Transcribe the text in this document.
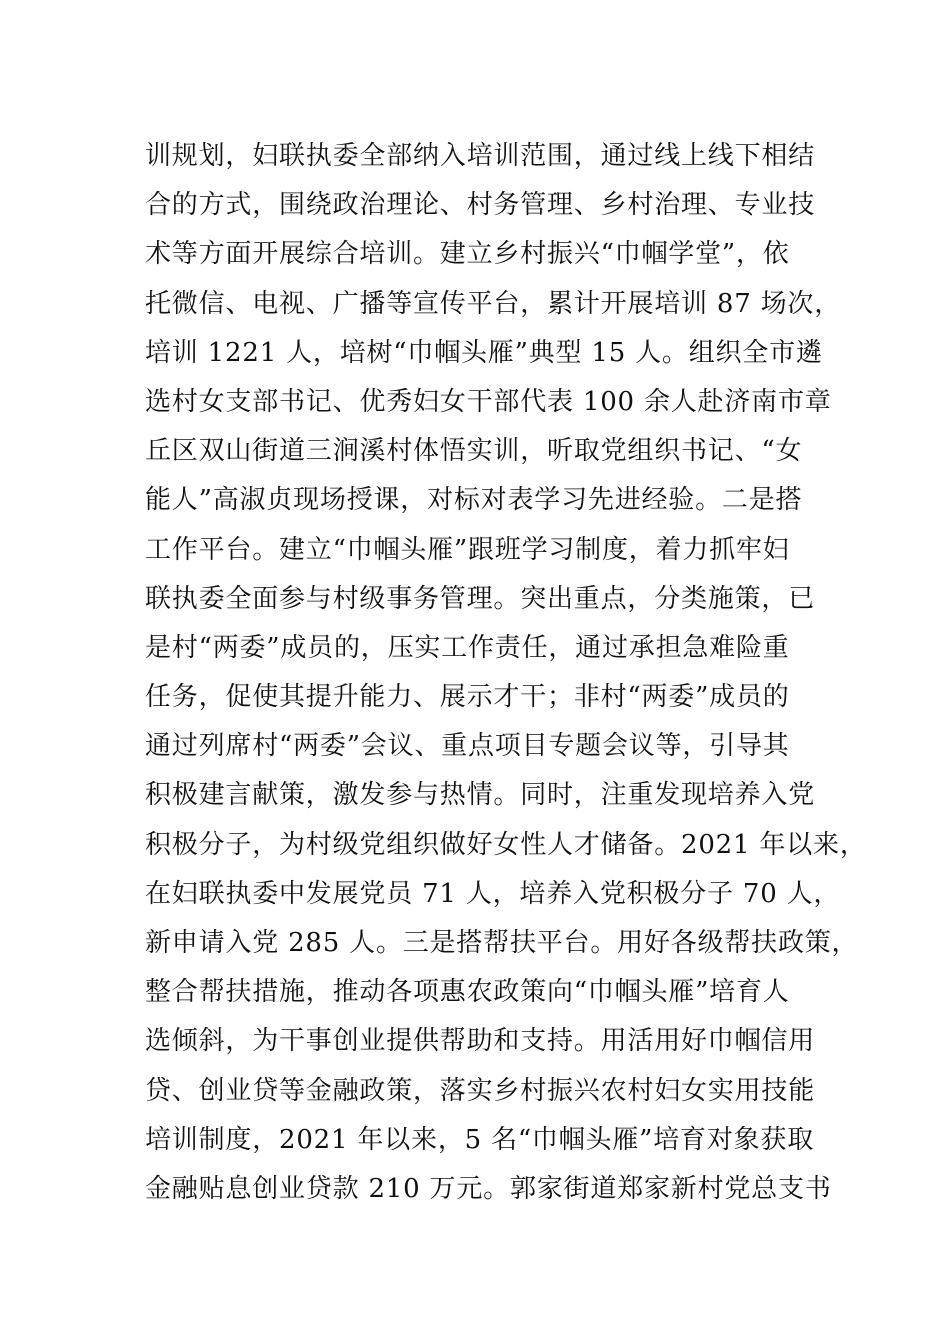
训规划，妇联执委全部纳入培训范围，通过线上线下相结
合的方式，围绕政治理论、村务管理、乡村治理、专业技
术等方面开展综合培训。建立乡村振兴“巾帼学堂”，依
托微信、电视、广播等宣传平台，累计开展培训 87 场次，
培训 1221 人，培树“巾帼头雁”典型 15 人。组织全市遴
选村女支部书记、优秀妇女干部代表 100 余人赴济南市章
丘区双山街道三涧溪村体悟实训，听取党组织书记、“女
能人”高淑贞现场授课，对标对表学习先进经验。二是搭
工作平台。建立“巾帼头雁”跟班学习制度，着力抓牢妇
联执委全面参与村级事务管理。突出重点，分类施策，已
是村“两委”成员的，压实工作责任，通过承担急难险重
任务，促使其提升能力、展示才干；非村“两委”成员的
通过列席村“两委”会议、重点项目专题会议等，引导其
积极建言献策，激发参与热情。同时，注重发现培养入党
积极分子，为村级党组织做好女性人才储备。2021 年以来，
在妇联执委中发展党员 71 人，培养入党积极分子 70 人，
新申请入党 285 人。三是搭帮扶平台。用好各级帮扶政策，
整合帮扶措施，推动各项惠农政策向“巾帼头雁”培育人
选倾斜，为干事创业提供帮助和支持。用活用好巾帼信用
贷、创业贷等金融政策，落实乡村振兴农村妇女实用技能
培训制度，2021 年以来，5 名“巾帼头雁”培育对象获取
金融贴息创业贷款 210 万元。郭家街道郑家新村党总支书
